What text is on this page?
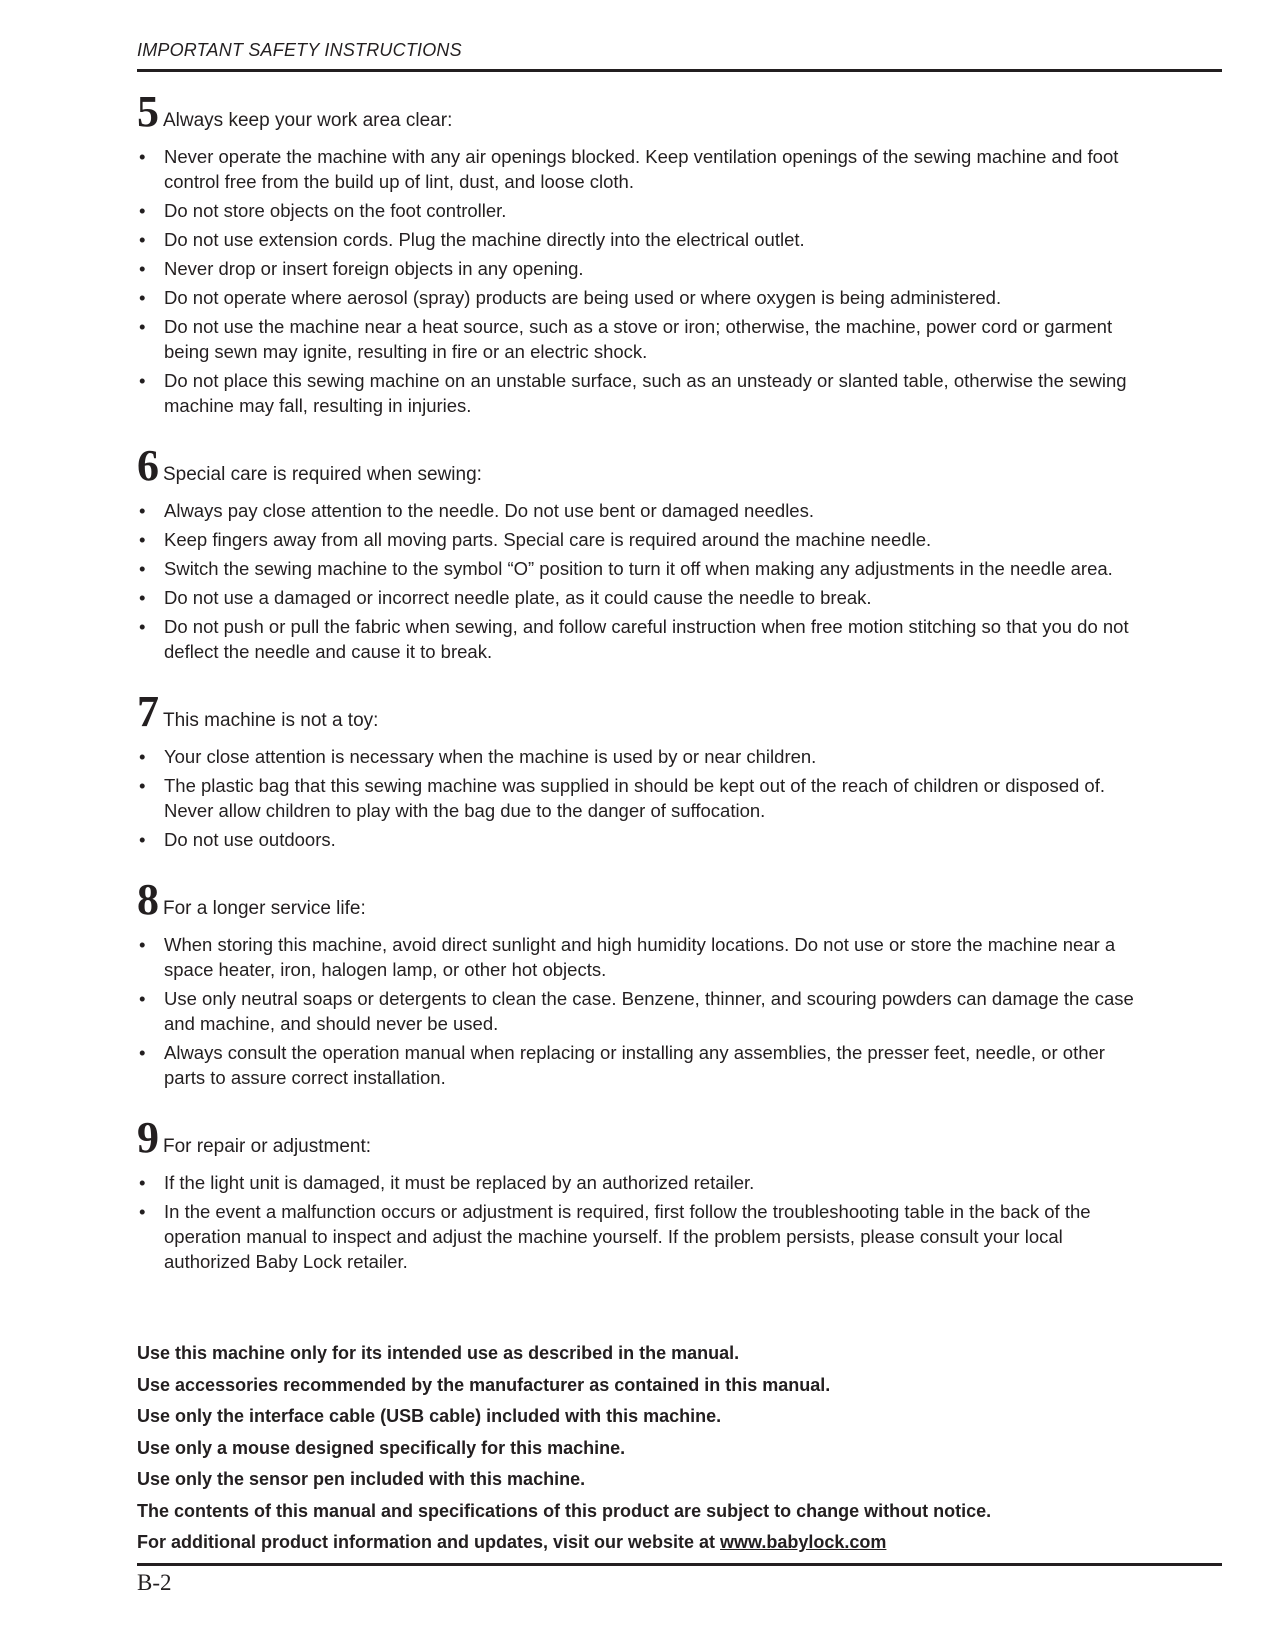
IMPORTANT SAFETY INSTRUCTIONS
5 Always keep your work area clear:
• Never operate the machine with any air openings blocked. Keep ventilation openings of the sewing machine and foot control free from the build up of lint, dust, and loose cloth.
• Do not store objects on the foot controller.
• Do not use extension cords. Plug the machine directly into the electrical outlet.
• Never drop or insert foreign objects in any opening.
• Do not operate where aerosol (spray) products are being used or where oxygen is being administered.
• Do not use the machine near a heat source, such as a stove or iron; otherwise, the machine, power cord or garment being sewn may ignite, resulting in fire or an electric shock.
• Do not place this sewing machine on an unstable surface, such as an unsteady or slanted table, otherwise the sewing machine may fall, resulting in injuries.
6 Special care is required when sewing:
• Always pay close attention to the needle. Do not use bent or damaged needles.
• Keep fingers away from all moving parts. Special care is required around the machine needle.
• Switch the sewing machine to the symbol “O” position to turn it off when making any adjustments in the needle area.
• Do not use a damaged or incorrect needle plate, as it could cause the needle to break.
• Do not push or pull the fabric when sewing, and follow careful instruction when free motion stitching so that you do not deflect the needle and cause it to break.
7 This machine is not a toy:
• Your close attention is necessary when the machine is used by or near children.
• The plastic bag that this sewing machine was supplied in should be kept out of the reach of children or disposed of. Never allow children to play with the bag due to the danger of suffocation.
• Do not use outdoors.
8 For a longer service life:
• When storing this machine, avoid direct sunlight and high humidity locations. Do not use or store the machine near a space heater, iron, halogen lamp, or other hot objects.
• Use only neutral soaps or detergents to clean the case. Benzene, thinner, and scouring powders can damage the case and machine, and should never be used.
• Always consult the operation manual when replacing or installing any assemblies, the presser feet, needle, or other parts to assure correct installation.
9 For repair or adjustment:
• If the light unit is damaged, it must be replaced by an authorized retailer.
• In the event a malfunction occurs or adjustment is required, first follow the troubleshooting table in the back of the operation manual to inspect and adjust the machine yourself. If the problem persists, please consult your local authorized Baby Lock retailer.

Use this machine only for its intended use as described in the manual.

Use accessories recommended by the manufacturer as contained in this manual.

Use only the interface cable (USB cable) included with this machine.

Use only a mouse designed specifically for this machine.

Use only the sensor pen included with this machine.

The contents of this manual and specifications of this product are subject to change without notice.

For additional product information and updates, visit our website at www.babylock.com

B-2
